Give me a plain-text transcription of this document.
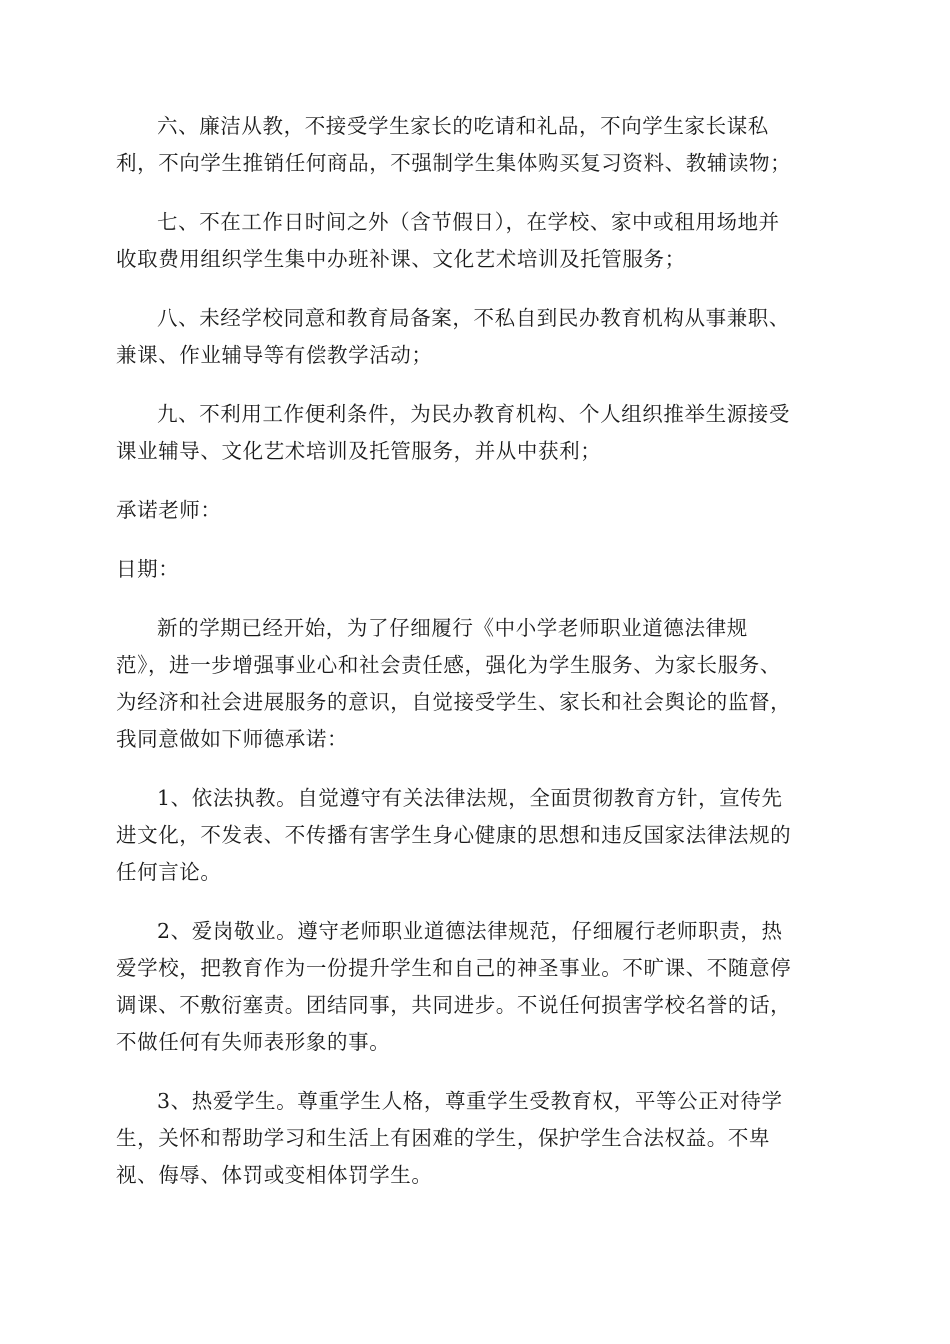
六、廉洁从教，不接受学生家长的吃请和礼品，不向学生家长谋私
利，不向学生推销任何商品，不强制学生集体购买复习资料、教辅读物；

七、不在工作日时间之外（含节假日），在学校、家中或租用场地并
收取费用组织学生集中办班补课、文化艺术培训及托管服务；

八、未经学校同意和教育局备案，不私自到民办教育机构从事兼职、
兼课、作业辅导等有偿教学活动；

九、不利用工作便利条件，为民办教育机构、个人组织推举生源接受
课业辅导、文化艺术培训及托管服务，并从中获利；

承诺老师：

日期：

新的学期已经开始，为了仔细履行《中小学老师职业道德法律规
范》，进一步增强事业心和社会责任感，强化为学生服务、为家长服务、
为经济和社会进展服务的意识，自觉接受学生、家长和社会舆论的监督，
我同意做如下师德承诺：

1、依法执教。自觉遵守有关法律法规，全面贯彻教育方针，宣传先
进文化，不发表、不传播有害学生身心健康的思想和违反国家法律法规的
任何言论。

2、爱岗敬业。遵守老师职业道德法律规范，仔细履行老师职责，热
爱学校，把教育作为一份提升学生和自己的神圣事业。不旷课、不随意停
调课、不敷衍塞责。团结同事，共同进步。不说任何损害学校名誉的话，
不做任何有失师表形象的事。

3、热爱学生。尊重学生人格，尊重学生受教育权，平等公正对待学
生，关怀和帮助学习和生活上有困难的学生，保护学生合法权益。不卑
视、侮辱、体罚或变相体罚学生。
